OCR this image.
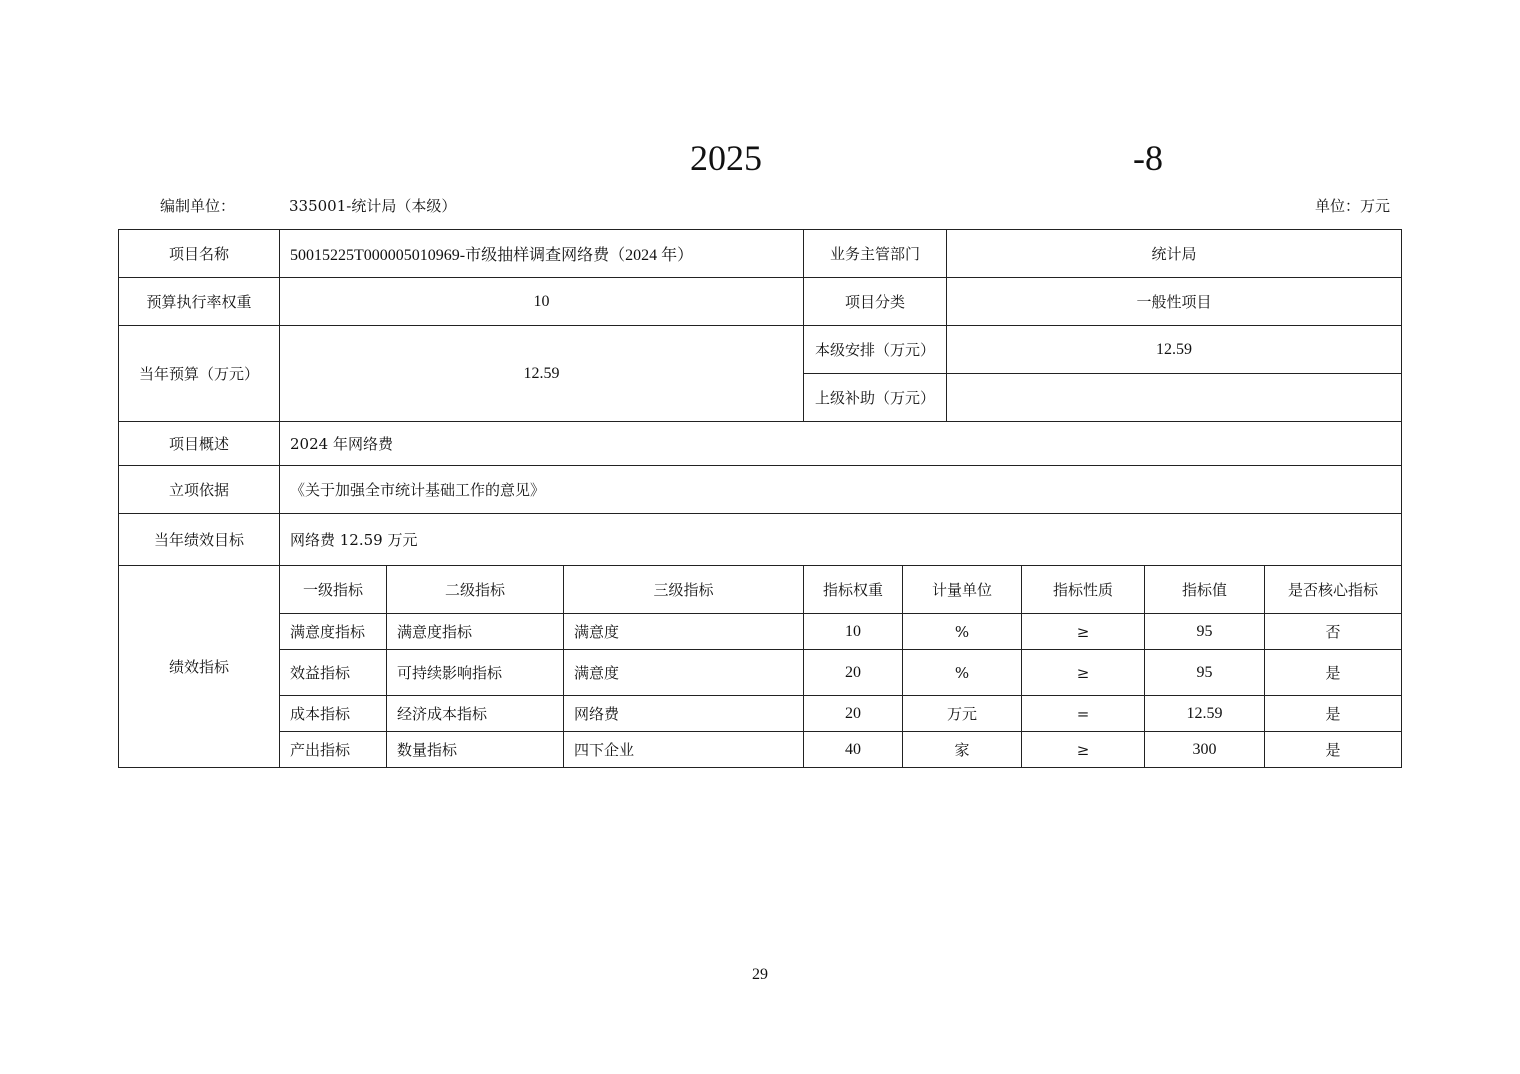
2025	-8
编制单位：	335001-统计局（本级）	单位：万元
项目名称	50015225T000005010969-市级抽样调查网络费（2024 年）			业务主管部门		统计局			
预算执行率权重	10			项目分类		一般性项目			
当年预算（万元）	12.59			本级安排（万元）		12.59			
				上级补助（万元）					
项目概述	2024 年网络费								
立项依据	《关于加强全市统计基础工作的意见》								
当年绩效目标	网络费 12.59 万元								
绩效指标	一级指标	二级指标	三级指标	指标权重	计量单位		指标性质	指标值	是否核心指标
	满意度指标	满意度指标	满意度	10	%		≥	95	否
	效益指标	可持续影响指标	满意度	20	%		≥	95	是
	成本指标	经济成本指标	网络费	20	万元		=	12.59	是
	产出指标	数量指标	四下企业	40	家		≥	300	是
29
